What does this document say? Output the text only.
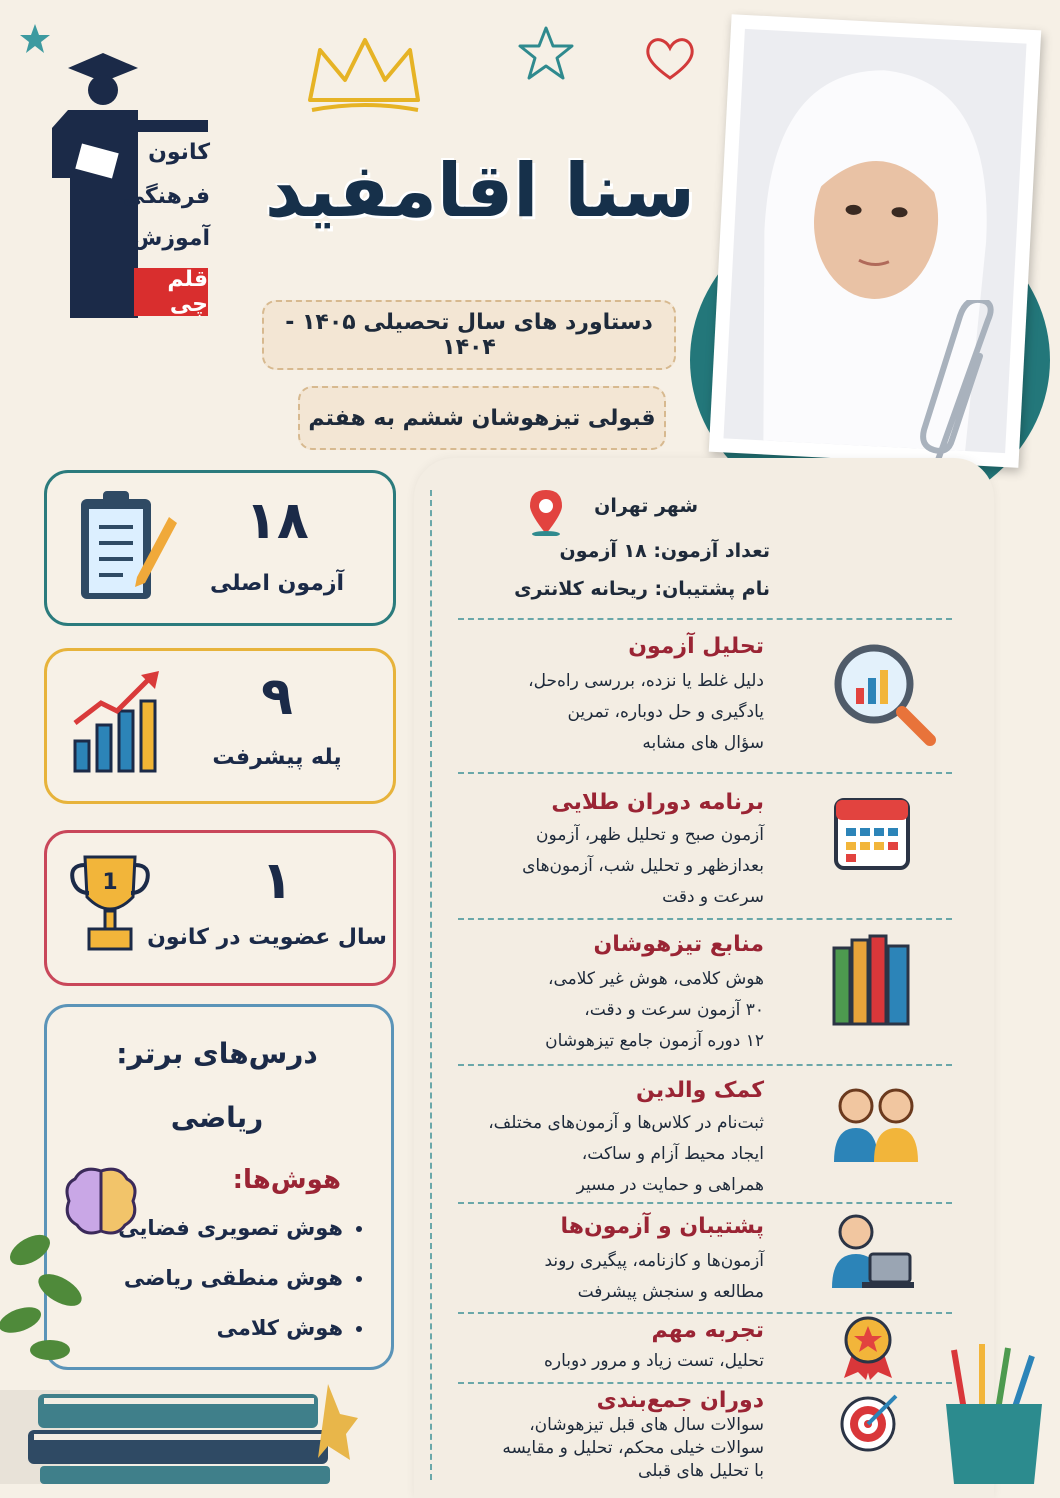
کانون
فرهنگی
آموزش
قلم چی
سنا اقامفید
دستاورد های سال تحصیلی ۱۴۰۵ - ۱۴۰۴
قبولی تیزهوشان ششم به هفتم
۱۸
آزمون اصلی
۹
پله پیشرفت
1	۱
سال عضویت در کانون
درس‌های برتر:
ریاضی
هوش‌ها:
• هوش تصویری فضایی
• هوش منطقی ریاضی
• هوش کلامی
شهر تهران
تعداد آزمون: ۱۸ آزمون
نام پشتیبان: ریحانه کلانتری
تحلیل آزمون
دلیل غلط یا نزده، بررسی راه‌حل،
یادگیری و حل دوباره، تمرین
سؤال های مشابه
برنامه دوران طلایی
آزمون صبح و تحلیل ظهر، آزمون
بعدازظهر و تحلیل شب، آزمون‌های
سرعت و دقت
منابع تیزهوشان
هوش کلامی، هوش غیر کلامی،
۳۰ آزمون سرعت و دقت،
۱۲ دوره آزمون جامع تیزهوشان
کمک والدین
ثبت‌نام در کلاس‌ها و آزمون‌های مختلف،
ایجاد محیط آزام و ساکت،
همراهی و حمایت در مسیر
پشتیبان و آزمون‌ها
آزمون‌ها و کازنامه، پیگیری روند
مطالعه و سنجش پیشرفت
تجربه مهم
تحلیل، تست زیاد و مرور دوباره
دوران جمع‌بندی
سوالات سال های قبل تیزهوشان،
سوالات خیلی محکم، تحلیل و مقایسه
با تحلیل های قبلی
